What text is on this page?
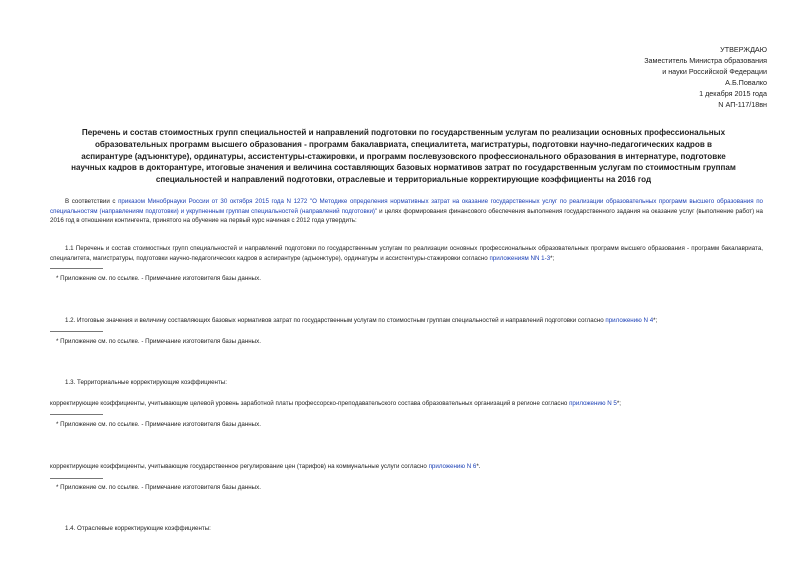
УТВЕРЖДАЮ
Заместитель Министра образования
и науки Российской Федерации
А.Б.Повалко
1 декабря 2015 года
N АП-117/18вн
Перечень и состав стоимостных групп специальностей и направлений подготовки по государственным услугам по реализации основных профессиональных
образовательных программ высшего образования - программ бакалавриата, специалитета, магистратуры, подготовки научно-педагогических кадров в
аспирантуре (адъюнктуре), ординатуры, ассистентуры-стажировки, и программ послевузовского профессионального образования в интернатуре, подготовке
научных кадров в докторантуре, итоговые значения и величина составляющих базовых нормативов затрат по государственным услугам по стоимостным группам
специальностей и направлений подготовки, отраслевые и территориальные корректирующие коэффициенты на 2016 год
В соответствии с приказом Минобрнауки России от 30 октября 2015 года N 1272 "О Методике определения нормативных затрат на оказание государственных услуг по реализации образовательных программ высшего образования по специальностям (направлениям подготовки) и укрупненным группам специальностей (направлений подготовки)" и целях формирования финансового обеспечения выполнения государственного задания на оказание услуг (выполнение работ) на 2016 год в отношении контингента, принятого на обучение на первый курс начиная с 2012 года утвердить:
1.1 Перечень и состав стоимостных групп специальностей и направлений подготовки по государственным услугам по реализации основных профессиональных образовательных программ высшего образования - программ бакалавриата, специалитета, магистратуры, подготовки научно-педагогических кадров в аспирантуре (адъюнктуре), ординатуры и ассистентуры-стажировки согласно приложениям NN 1-3*;
* Приложение см. по ссылке. - Примечание изготовителя базы данных.
1.2. Итоговые значения и величину составляющих базовых нормативов затрат по государственным услугам по стоимостным группам специальностей и направлений подготовки согласно приложению N 4*;
* Приложение см. по ссылке. - Примечание изготовителя базы данных.
1.3. Территориальные корректирующие коэффициенты:
корректирующие коэффициенты, учитывающие целевой уровень заработной платы профессорско-преподавательского состава образовательных организаций в регионе согласно приложению N 5*;
* Приложение см. по ссылке. - Примечание изготовителя базы данных.
корректирующие коэффициенты, учитывающие государственное регулирование цен (тарифов) на коммунальные услуги согласно приложению N 6*.
* Приложение см. по ссылке. - Примечание изготовителя базы данных.
1.4. Отраслевые корректирующие коэффициенты:
